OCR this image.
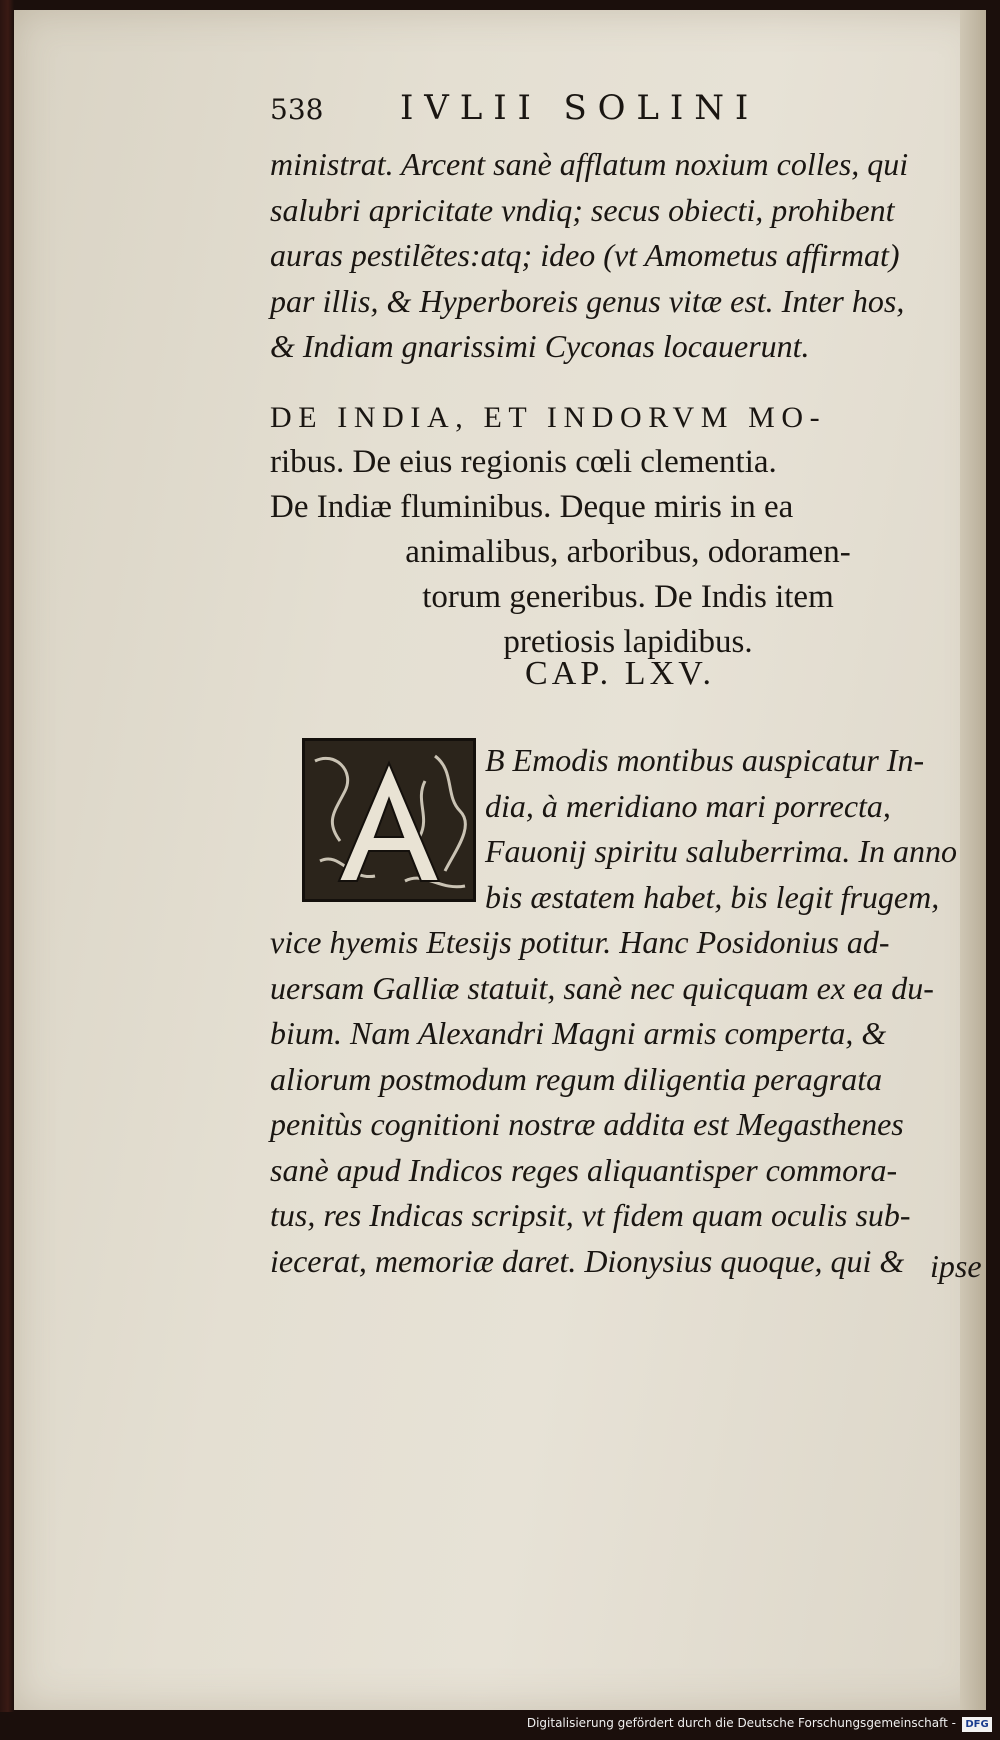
538	IVLII SOLINI
ministrat. Arcent sanè afflatum noxium colles, qui
salubri apricitate vndiq; secus obiecti, prohibent
auras pestilẽtes:atq; ideo (vt Amometus affirmat)
par illis, & Hyperboreis genus vitæ est. Inter hos,
& Indiam gnarissimi Cyconas locauerunt.
DE INDIA, ET INDORVM MO-
ribus. De eius regionis cœli clementia.
De Indiæ fluminibus. Deque miris in ea
animalibus, arboribus, odoramen-
torum generibus. De Indis item
pretiosis lapidibus.
CAP. LXV.
B Emodis montibus auspicatur In-
dia, à meridiano mari porrecta,
Fauonij spiritu saluberrima. In anno
bis æstatem habet, bis legit frugem,
vice hyemis Etesijs potitur. Hanc Posidonius ad-
uersam Galliæ statuit, sanè nec quicquam ex ea du-
bium. Nam Alexandri Magni armis comperta, &
aliorum postmodum regum diligentia peragrata
penitùs cognitioni nostræ addita est Megasthenes
sanè apud Indicos reges aliquantisper commora-
tus, res Indicas scripsit, vt fidem quam oculis sub-
iecerat, memoriæ daret. Dionysius quoque, qui & ipse
Digitalisierung gefördert durch die Deutsche Forschungsgemeinschaft - DFG
